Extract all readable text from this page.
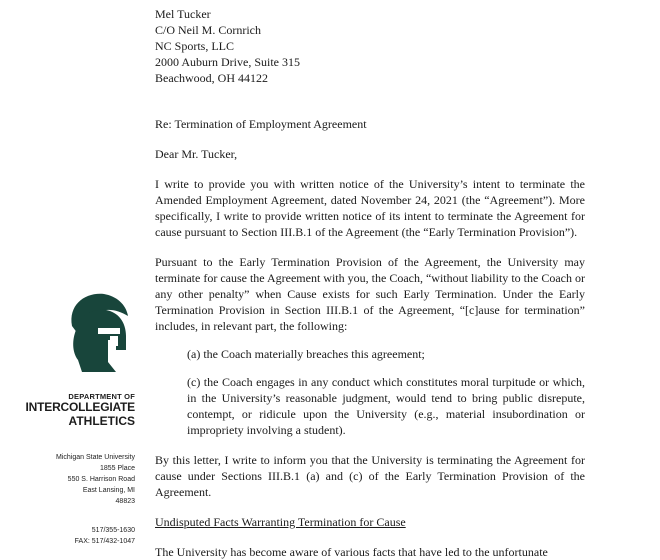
DEPARTMENT OF
INTERCOLLEGIATE
ATHLETICS
Michigan State University
1855 Place
550 S. Harrison Road
East Lansing, MI
48823
517/355-1630
FAX: 517/432-1047

Mel Tucker

C/O Neil M. Cornrich

NC Sports, LLC

2000 Auburn Drive, Suite 315

Beachwood, OH 44122

Re: Termination of Employment Agreement

Dear Mr. Tucker,

I write to provide you with written notice of the University’s intent to terminate the Amended Employment Agreement, dated November 24, 2021 (the “Agreement”). More specifically, I write to provide written notice of its intent to terminate the Agreement for cause pursuant to Section III.B.1 of the Agreement (the “Early Termination Provision”).

Pursuant to the Early Termination Provision of the Agreement, the University may terminate for cause the Agreement with you, the Coach, “without liability to the Coach or any other penalty” when Cause exists for such Early Termination. Under the Early Termination Provision in Section III.B.1 of the Agreement, “[c]ause for termination” includes, in relevant part, the following:

(a) the Coach materially breaches this agreement;

(c) the Coach engages in any conduct which constitutes moral turpitude or which, in the University’s reasonable judgment, would tend to bring public disrepute, contempt, or ridicule upon the University (e.g., material insubordination or impropriety involving a student).

By this letter, I write to inform you that the University is terminating the Agreement for cause under Sections III.B.1 (a) and (c) of the Early Termination Provision of the Agreement.

Undisputed Facts Warranting Termination for Cause

The University has become aware of various facts that have led to the unfortunate
